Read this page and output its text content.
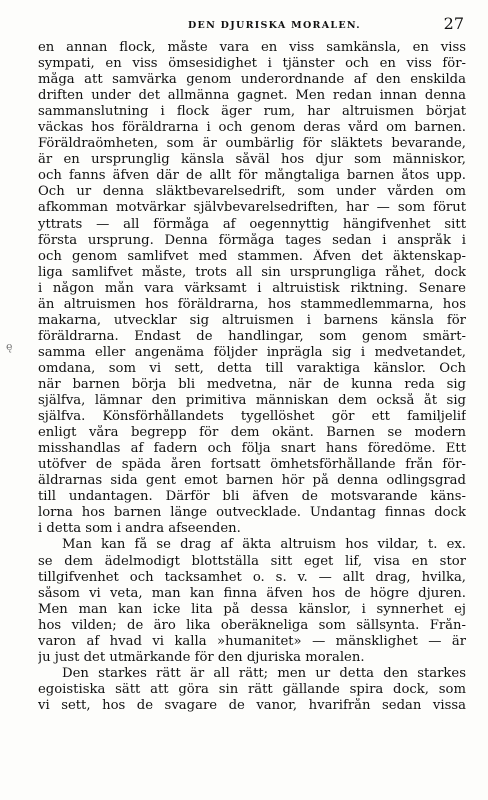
DEN DJURISKA MORALEN.	27
ę
en annan flock, måste vara en viss samkänsla, en viss
sympati, en viss ömsesidighet i tjänster och en viss för-
måga att samvärka genom underordnande af den enskilda
driften under det allmänna gagnet. Men redan innan denna
sammanslutning i flock äger rum, har altruismen börjat
väckas hos föräldrarna i och genom deras vård om barnen.
Föräldraömheten, som är oumbärlig för släktets bevarande,
är en ursprunglig känsla såväl hos djur som människor,
och fanns äfven där de allt för mångtaliga barnen åtos upp.
Och ur denna släktbevarelsedrift, som under vården om
afkomman motvärkar självbevarelsedriften, har — som förut
yttrats — all förmåga af oegennyttig hängifvenhet sitt
första ursprung. Denna förmåga tages sedan i anspråk i
och genom samlifvet med stammen. Äfven det äktenskap-
liga samlifvet måste, trots all sin ursprungliga råhet, dock
i någon mån vara värksamt i altruistisk riktning. Senare
än altruismen hos föräldrarna, hos stammedlemmarna, hos
makarna, utvecklar sig altruismen i barnens känsla för
föräldrarna. Endast de handlingar, som genom smärt-
samma eller angenäma följder inprägla sig i medvetandet,
omdana, som vi sett, detta till varaktiga känslor. Och
när barnen börja bli medvetna, när de kunna reda sig
själfva, lämnar den primitiva människan dem också åt sig
själfva. Könsförhållandets tygellöshet gör ett familjelif
enligt våra begrepp för dem okänt. Barnen se modern
misshandlas af fadern och följa snart hans föredöme. Ett
utöfver de späda åren fortsatt ömhetsförhållande från för-
äldrarnas sida gent emot barnen hör på denna odlingsgrad
till undantagen. Därför bli äfven de motsvarande käns-
lorna hos barnen länge outvecklade. Undantag finnas dock
i detta som i andra afseenden.
Man kan få se drag af äkta altruism hos vildar, t. ex.
se dem ädelmodigt blottställa sitt eget lif, visa en stor
tillgifvenhet och tacksamhet o. s. v. — allt drag, hvilka,
såsom vi veta, man kan finna äfven hos de högre djuren.
Men man kan icke lita på dessa känslor, i synnerhet ej
hos vilden; de äro lika oberäkneliga som sällsynta. Från-
varon af hvad vi kalla »humanitet» — mänsklighet — är
ju just det utmärkande för den djuriska moralen.
Den starkes rätt är all rätt; men ur detta den starkes
egoistiska sätt att göra sin rätt gällande spira dock, som
vi sett, hos de svagare de vanor, hvarifrån sedan vissa
